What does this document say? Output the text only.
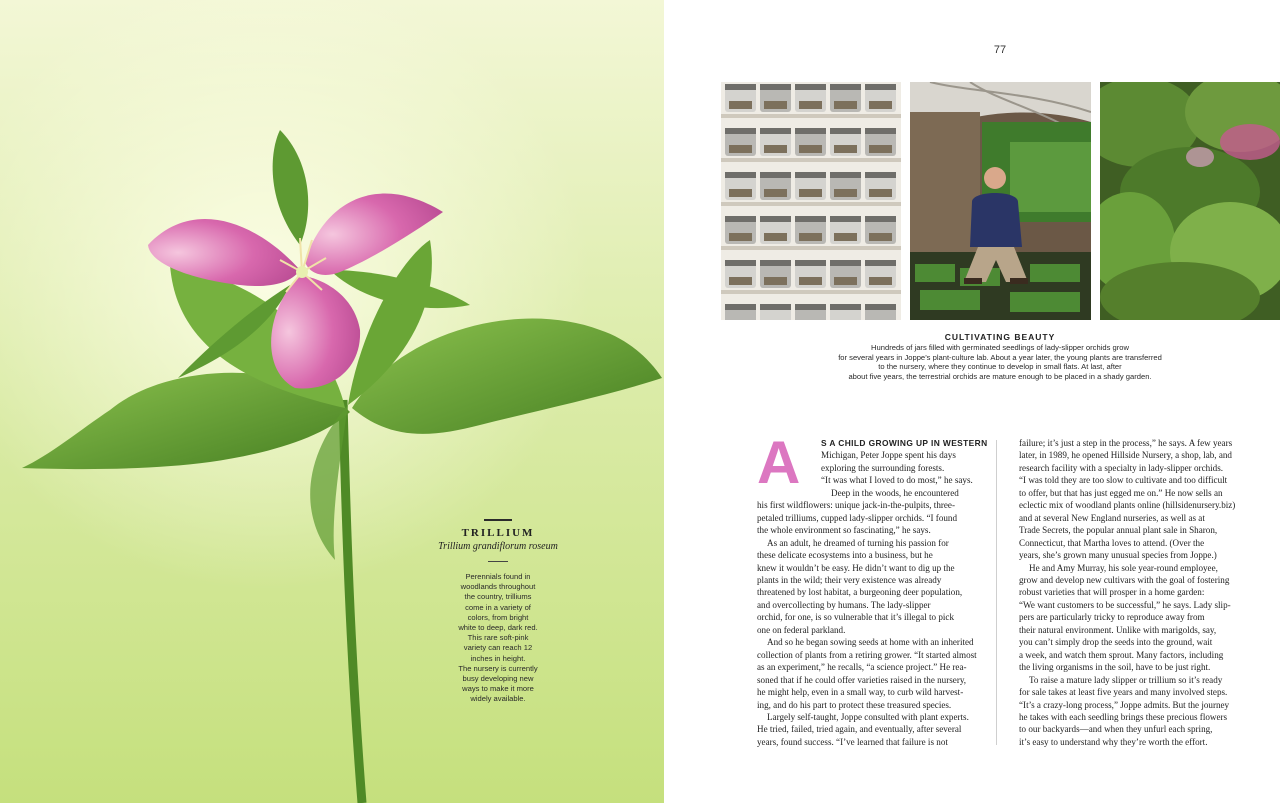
TRILLIUM
Trillium grandiflorum roseum
Perennials found in
woodlands throughout
the country, trilliums
come in a variety of
colors, from bright
white to deep, dark red.
This rare soft-pink
variety can reach 12
inches in height.
The nursery is currently
busy developing new
ways to make it more
widely available.
77
CULTIVATING BEAUTY
Hundreds of jars filled with germinated seedlings of lady-slipper orchids grow
for several years in Joppe’s plant-culture lab. About a year later, the young plants are transferred
to the nursery, where they continue to develop in small flats. At last, after
about five years, the terrestrial orchids are mature enough to be placed in a shady garden.
A	S A CHILD GROWING UP IN WESTERN
Michigan, Peter Joppe spent his days
exploring the surrounding forests.
“It was what I loved to do most,” he says.
Deep in the woods, he encountered
his first wildflowers: unique jack-in-the-pulpits, three-
petaled trilliums, cupped lady-slipper orchids. “I found
the whole environment so fascinating,” he says.
As an adult, he dreamed of turning his passion for
these delicate ecosystems into a business, but he
knew it wouldn’t be easy. He didn’t want to dig up the
plants in the wild; their very existence was already
threatened by lost habitat, a burgeoning deer population,
and overcollecting by humans. The lady-slipper
orchid, for one, is so vulnerable that it’s illegal to pick
one on federal parkland.
And so he began sowing seeds at home with an inherited
collection of plants from a retiring grower. “It started almost
as an experiment,” he recalls, “a science project.” He rea-
soned that if he could offer varieties raised in the nursery,
he might help, even in a small way, to curb wild harvest-
ing, and do his part to protect these treasured species.
Largely self-taught, Joppe consulted with plant experts.
He tried, failed, tried again, and eventually, after several
years, found success. “I’ve learned that failure is not
failure; it’s just a step in the process,” he says. A few years
later, in 1989, he opened Hillside Nursery, a shop, lab, and
research facility with a specialty in lady-slipper orchids.
“I was told they are too slow to cultivate and too difficult
to offer, but that has just egged me on.” He now sells an
eclectic mix of woodland plants online (hillsidenursery.biz)
and at several New England nurseries, as well as at
Trade Secrets, the popular annual plant sale in Sharon,
Connecticut, that Martha loves to attend. (Over the
years, she’s grown many unusual species from Joppe.)
He and Amy Murray, his sole year-round employee,
grow and develop new cultivars with the goal of fostering
robust varieties that will prosper in a home garden:
“We want customers to be successful,” he says. Lady slip-
pers are particularly tricky to reproduce away from
their natural environment. Unlike with marigolds, say,
you can’t simply drop the seeds into the ground, wait
a week, and watch them sprout. Many factors, including
the living organisms in the soil, have to be just right.
To raise a mature lady slipper or trillium so it’s ready
for sale takes at least five years and many involved steps.
“It’s a crazy-long process,” Joppe admits. But the journey
he takes with each seedling brings these precious flowers
to our backyards—and when they unfurl each spring,
it’s easy to understand why they’re worth the effort.
